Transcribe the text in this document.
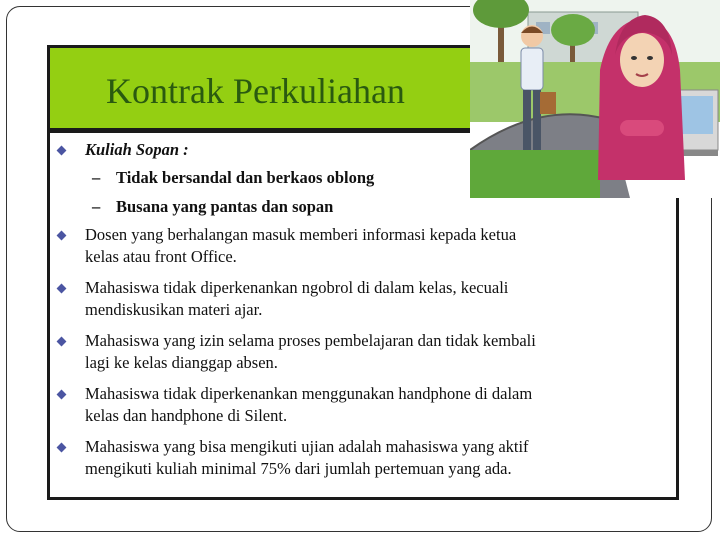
Kontrak Perkuliahan
Kuliah Sopan :
– Tidak bersandal dan berkaos oblong
– Busana yang pantas dan sopan
Dosen yang berhalangan masuk memberi informasi kepada ketua
kelas atau front Office.
Mahasiswa tidak diperkenankan ngobrol di dalam kelas, kecuali
mendiskusikan materi ajar.
Mahasiswa yang izin selama proses pembelajaran dan tidak kembali
lagi ke kelas dianggap absen.
Mahasiswa tidak diperkenankan menggunakan handphone di dalam
kelas dan handphone di Silent.
Mahasiswa yang bisa mengikuti ujian adalah mahasiswa yang aktif
mengikuti kuliah minimal 75% dari jumlah pertemuan yang ada.
